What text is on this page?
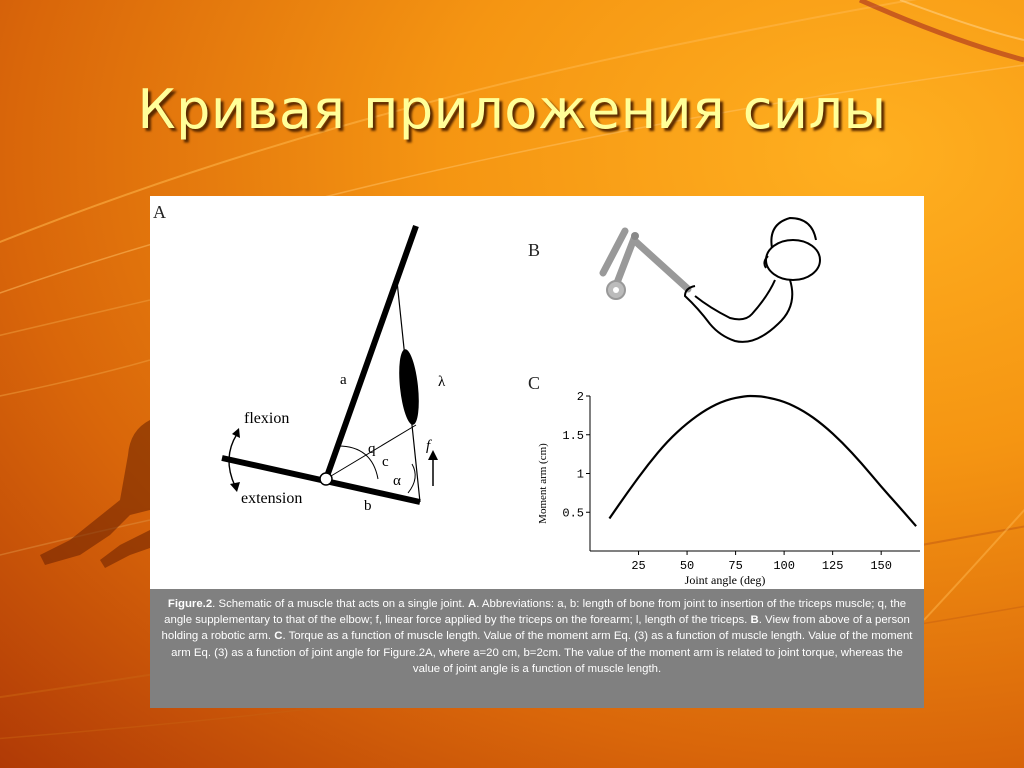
Кривая приложения силы
A
a
b
c
q
α
λ
f
flexion
extension
B
C
25	50	75	100 125 150
0.5
1
1.5
2
Joint angle (deg)
Moment arm (cm)
Figure.2. Schematic of a muscle that acts on a single joint. A. Abbreviations: a, b: length of bone from joint to insertion of the triceps muscle; q, the angle supplementary to that of the elbow; f, linear force applied by the triceps on the forearm; l, length of the triceps. B. View from above of a person holding a robotic arm. C. Torque as a function of muscle length. Value of the moment arm Eq. (3) as a function of muscle length. Value of the moment arm Eq. (3) as a function of joint angle for Figure.2A, where a=20 cm, b=2cm. The value of the moment arm is related to joint torque, whereas the value of joint angle is a function of muscle length.
